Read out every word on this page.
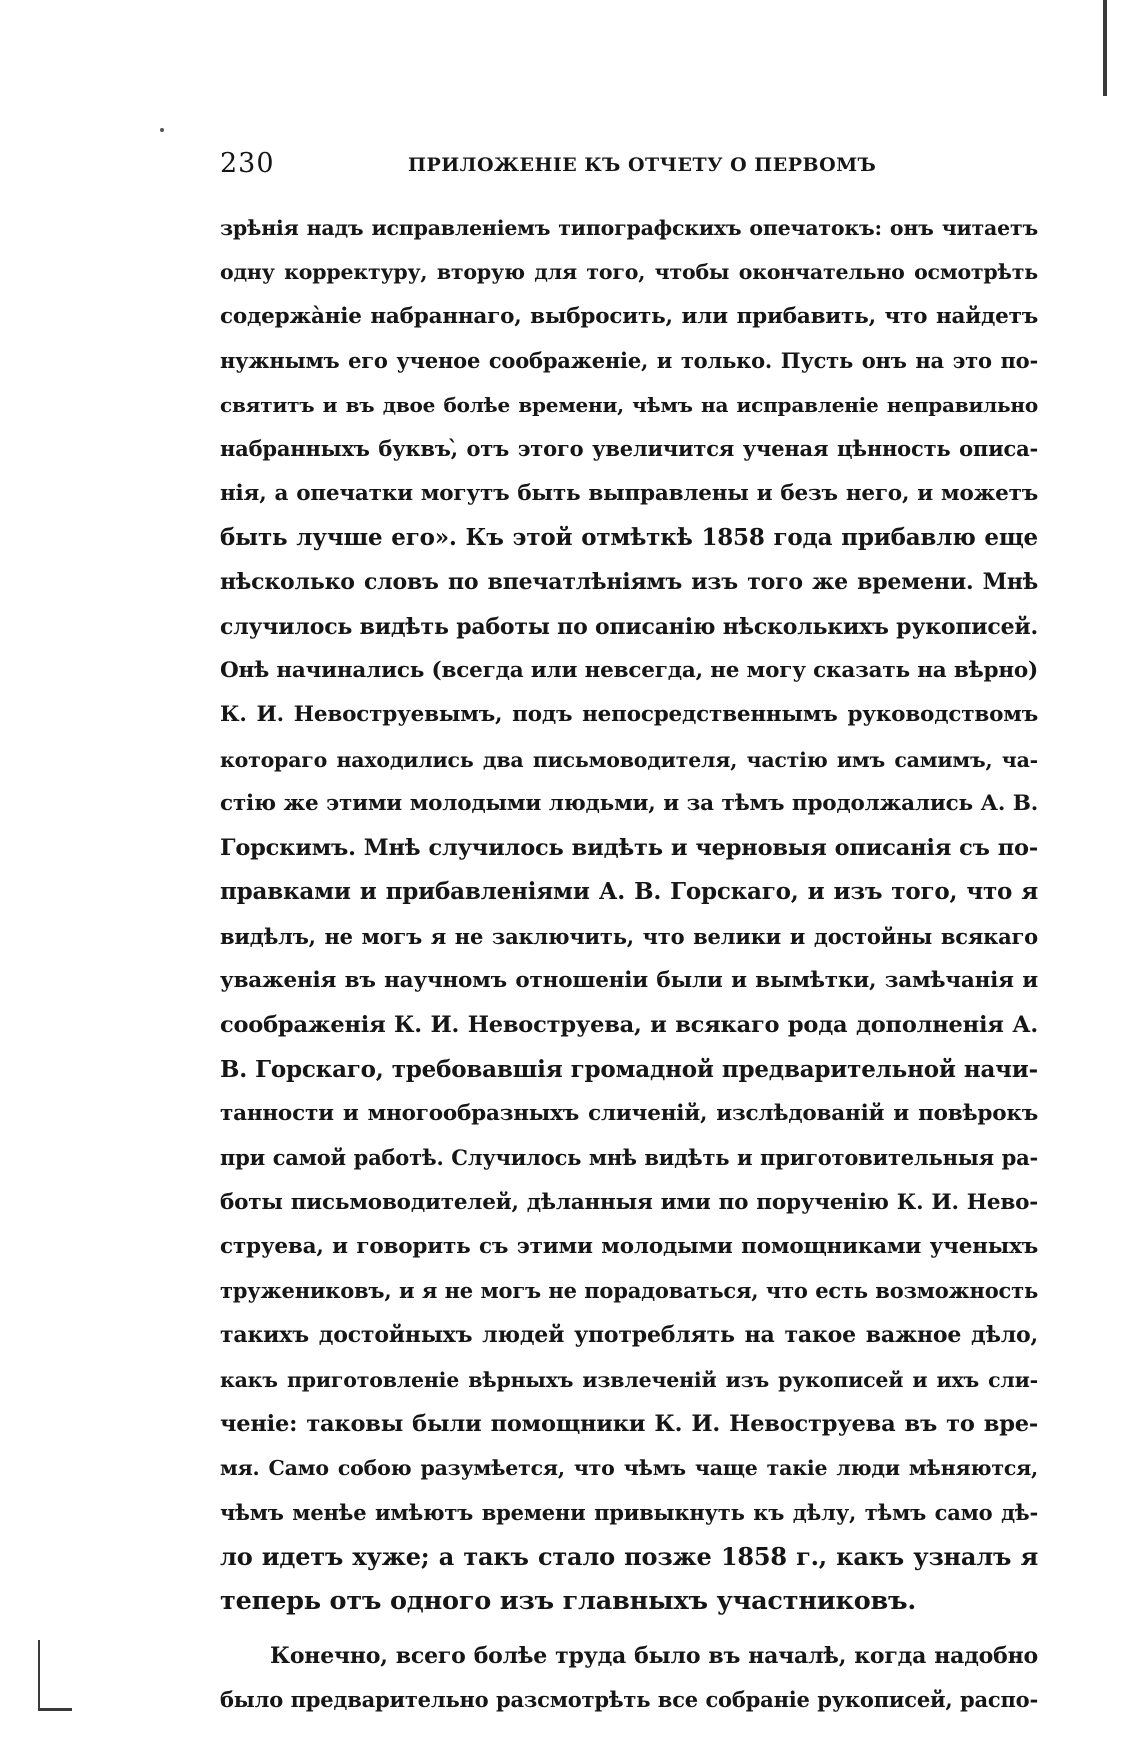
230	ПРИЛОЖЕНІЕ КЪ ОТЧЕТУ О ПЕРВОМЪ
зрѣнія надъ исправленіемъ типографскихъ опечатокъ: онъ читаетъ
одну корректуру, вторую для того, чтобы окончательно осмотрѣть
содержа̀ніе набраннаго, выбросить, или прибавить, что найдетъ
нужнымъ его ученое соображеніе, и только. Пусть онъ на это по-
святитъ и въ двое болѣе времени, чѣмъ на исправленіе неправильно
набранныхъ буквъ,̀ отъ этого увеличится ученая цѣнность описа-
нія, а опечатки могутъ быть выправлены и безъ него, и можетъ
быть лучше его». Къ этой отмѣткѣ 1858 года прибавлю еще
нѣсколько словъ по впечатлѣніямъ изъ того же времени. Мнѣ
случилось видѣть работы по описанію нѣсколькихъ рукописей.
Онѣ начинались (всегда или невсегда, не могу сказать на вѣрно)
К. И. Невоструевымъ, подъ непосредственнымъ руководствомъ
котораго находились два письмоводителя, частію имъ самимъ, ча-
стію же этими молодыми людьми, и за тѣмъ продолжались А. В.
Горскимъ. Мнѣ случилось видѣть и черновыя описанія съ по-
правками и прибавленіями А. В. Горскаго, и изъ того, что я
видѣлъ, не могъ я не заключить, что велики и достойны всякаго
уваженія въ научномъ отношеніи были и вымѣтки, замѣчанія и
соображенія К. И. Невоструева, и всякаго рода дополненія А.
В. Горскаго, требовавшія громадной предварительной начи-
танности и многообразныхъ сличеній, изслѣдованій и повѣрокъ
при самой работѣ. Случилось мнѣ видѣть и приготовительныя ра-
боты письмоводителей, дѣланныя ими по порученію К. И. Нево-
струева, и говорить съ этими молодыми помощниками ученыхъ
тружениковъ, и я не могъ не порадоваться, что есть возможность
такихъ достойныхъ людей употреблять на такое важное дѣло,
какъ приготовленіе вѣрныхъ извлеченій изъ рукописей и ихъ сли-
ченіе: таковы были помощники К. И. Невоструева въ то вре-
мя. Само собою разумѣется, что чѣмъ чаще такіе люди мѣняются,
чѣмъ менѣе имѣютъ времени привыкнуть къ дѣлу, тѣмъ само дѣ-
ло идетъ хуже; а такъ стало позже 1858 г., какъ узналъ я
теперь отъ одного изъ главныхъ участниковъ.
Конечно, всего болѣе труда было въ началѣ, когда надобно
было предварительно разсмотрѣть все собраніе рукописей, распо-
